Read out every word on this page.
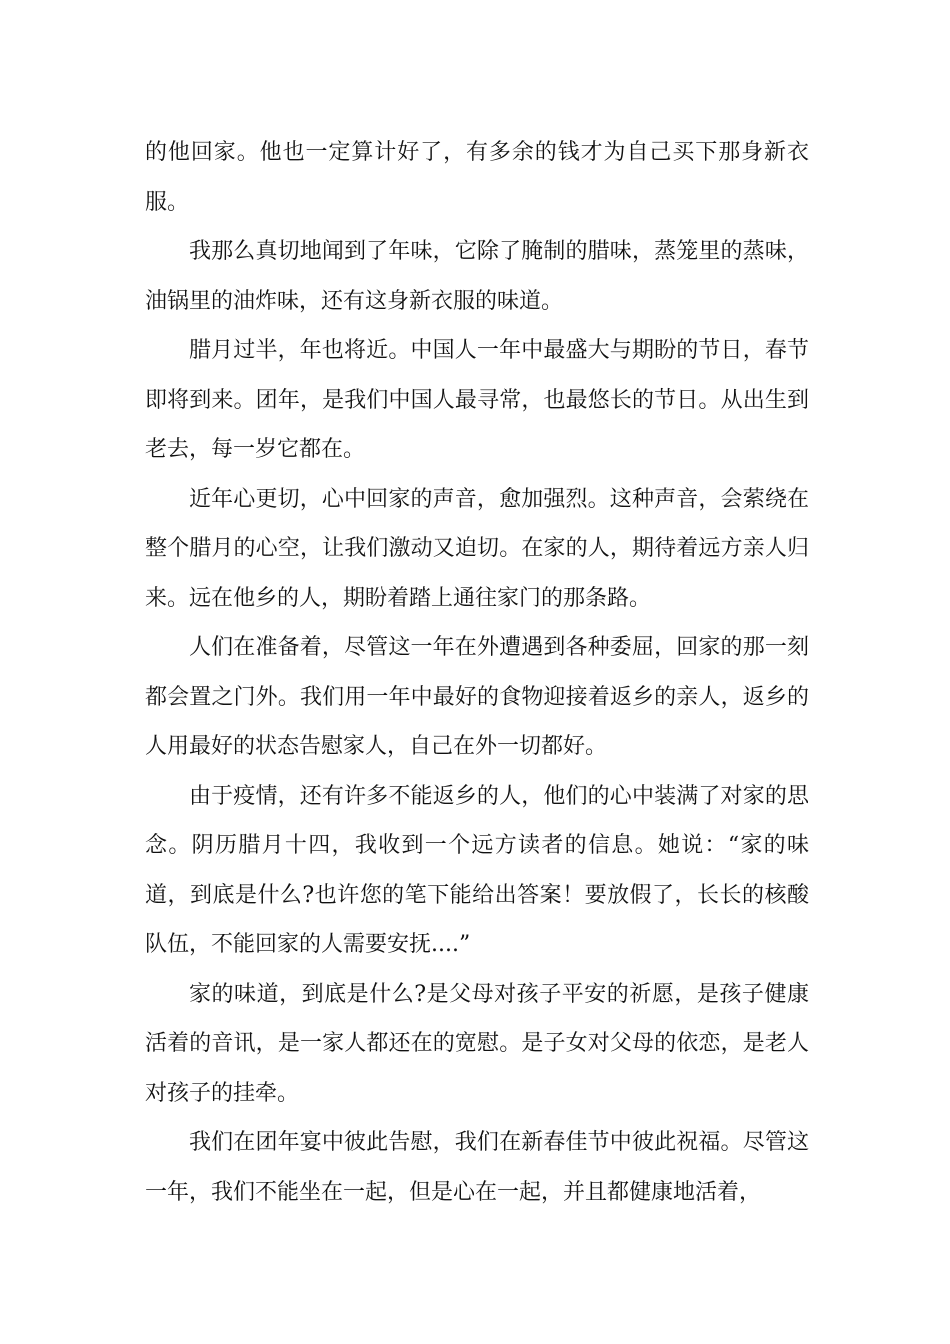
的他回家。他也一定算计好了，有多余的钱才为自己买下那身新衣服。

我那么真切地闻到了年味，它除了腌制的腊味，蒸笼里的蒸味，油锅里的油炸味，还有这身新衣服的味道。

腊月过半，年也将近。中国人一年中最盛大与期盼的节日，春节即将到来。团年，是我们中国人最寻常，也最悠长的节日。从出生到老去，每一岁它都在。

近年心更切，心中回家的声音，愈加强烈。这种声音，会萦绕在整个腊月的心空，让我们激动又迫切。在家的人，期待着远方亲人归来。远在他乡的人，期盼着踏上通往家门的那条路。

人们在准备着，尽管这一年在外遭遇到各种委屈，回家的那一刻都会置之门外。我们用一年中最好的食物迎接着返乡的亲人，返乡的人用最好的状态告慰家人，自己在外一切都好。

由于疫情，还有许多不能返乡的人，他们的心中装满了对家的思念。阴历腊月十四，我收到一个远方读者的信息。她说：“家的味道，到底是什么?也许您的笔下能给出答案！要放假了，长长的核酸队伍，不能回家的人需要安抚....”

家的味道，到底是什么?是父母对孩子平安的祈愿，是孩子健康活着的音讯，是一家人都还在的宽慰。是子女对父母的依恋，是老人对孩子的挂牵。

我们在团年宴中彼此告慰，我们在新春佳节中彼此祝福。尽管这一年，我们不能坐在一起，但是心在一起，并且都健康地活着，
